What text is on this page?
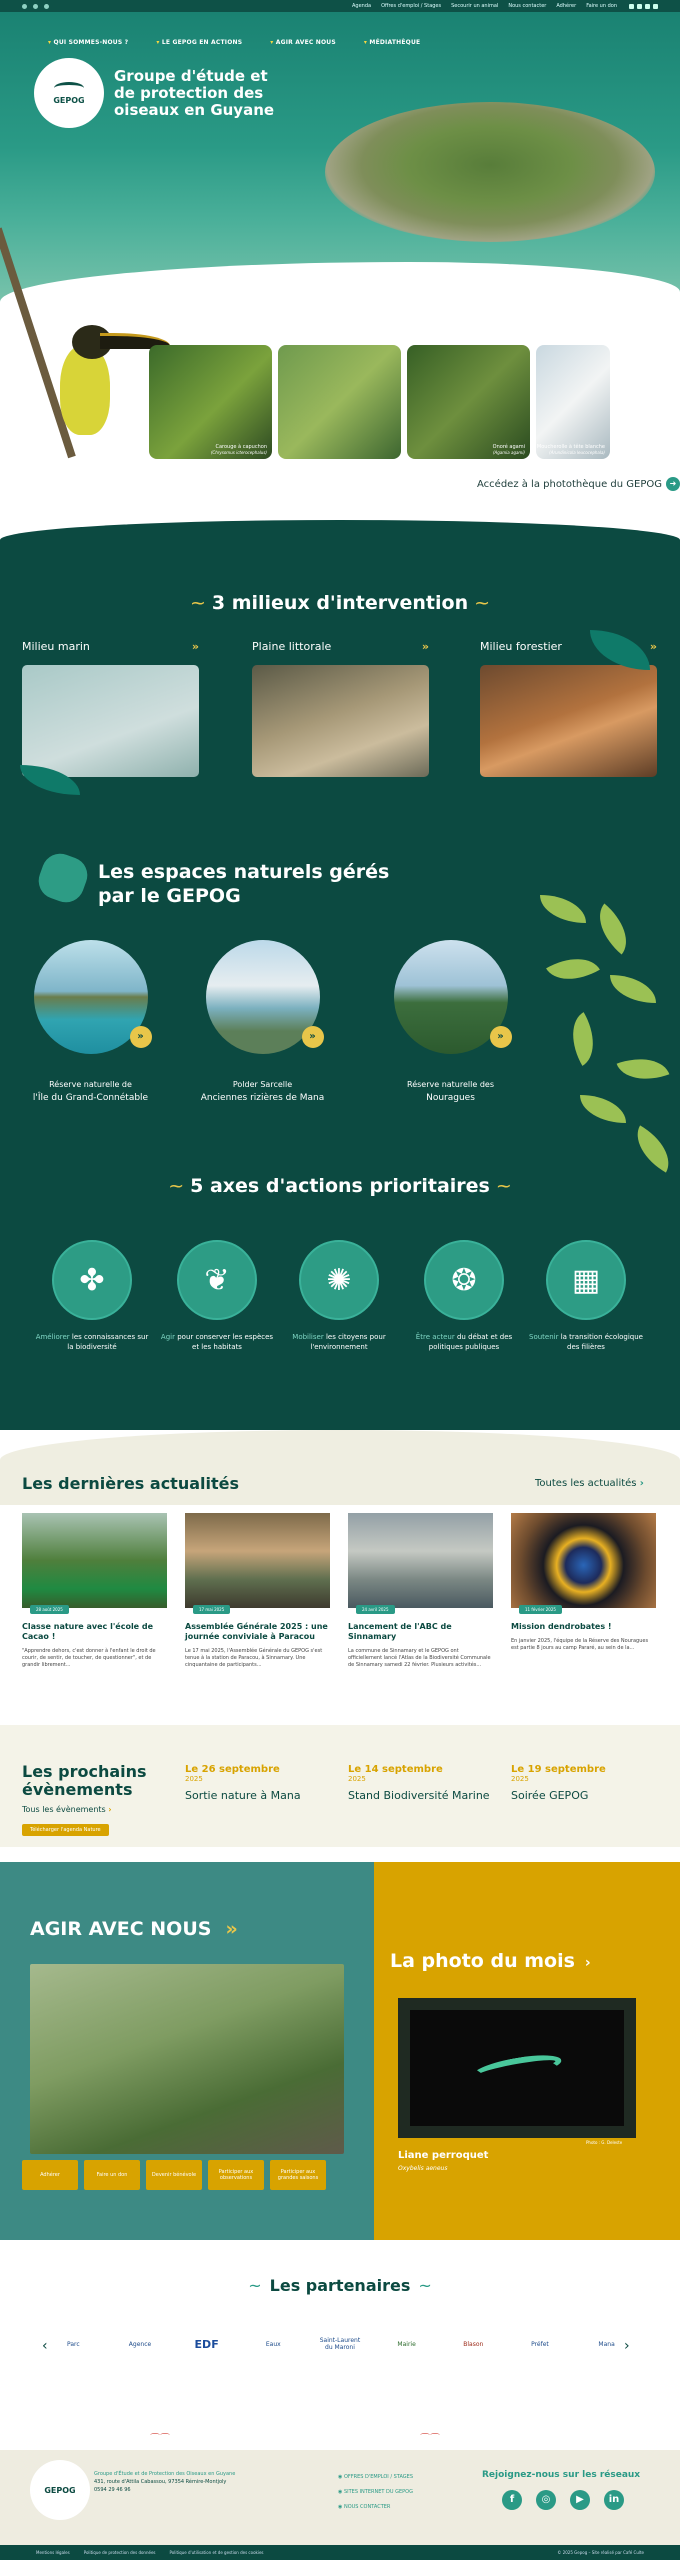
Agenda Offres d'emploi / Stages Secourir un animal Nous contacter Adhérer Faire un don
▾ QUI SOMMES-NOUS ?	▾ LE GEPOG EN ACTIONS	▾ AGIR AVEC NOUS	▾ MÉDIATHÈQUE
GEPOG
Groupe d'étude et de protection des oiseaux en Guyane
Crédit photo : S. Uriot
Carouge à capuchon
(Chrysomus icterocephalus)
Onoré agami
(Agamia agami)
Moucherolle à tête blanche
(Arundinicola leucocephala)
Accédez à la photothèque du GEPOG ➜
~ 3 milieux d'intervention ~
Milieu marin	»	Plaine littorale	»	Milieu forestier	»
Les espaces naturels gérés
par le GEPOG
»
Réserve naturelle de
l'Île du Grand-Connétable
»
Polder Sarcelle
Anciennes rizières de Mana
»
Réserve naturelle des
Nouragues
~ 5 axes d'actions prioritaires ~
✤
Améliorer les connaissances sur la biodiversité
❦
Agir pour conserver les espèces et les habitats
✺
Mobiliser les citoyens pour l'environnement
❂
Être acteur du débat et des politiques publiques
▦
Soutenir la transition écologique des filières
Les dernières actualités	Toutes les actualités ›
28 août 2025
Classe nature avec l'école de Cacao !
"Apprendre dehors, c'est donner à l'enfant le droit de courir, de sentir, de toucher, de questionner", et de grandir librement...
17 mai 2025
Assemblée Générale 2025 : une journée conviviale à Paracou
Le 17 mai 2025, l'Assemblée Générale du GEPOG s'est tenue à la station de Paracou, à Sinnamary. Une cinquantaine de participants...
24 avril 2025
Lancement de l'ABC de Sinnamary
La commune de Sinnamary et le GEPOG ont officiellement lancé l'Atlas de la Biodiversité Communale de Sinnamary samedi 22 février. Plusieurs activités...
11 février 2025
Mission dendrobates !
En janvier 2025, l'équipe de la Réserve des Nouragues est partie 8 jours au camp Pararé, au sein de la...
Les prochains évènements
Tous les évènements ›
Télécharger l'agenda Nature
Le 26 septembre
2025
Sortie nature à Mana
Le 14 septembre
2025
Stand Biodiversité Marine
Le 19 septembre
2025
Soirée GEPOG
AGIR AVEC NOUS »
Adhérer	Faire un don	Devenir bénévole	Participer aux observations
Participer aux grandes saisons
La photo du mois ›
Photo : G. Deleste
Liane perroquet
Oxybelis aeneus
~ Les partenaires ~
‹	Parc	Agence	EDF	Eaux	Saint-Laurent du Maroni	Mairie	Blason	Préfet	Mana ›
⌒⌒	⌒⌒
GEPOG
Groupe d'Étude et de Protection des Oiseaux en Guyane
431, route d'Attila Cabassou, 97354 Rémire-Montjoly
0594 29 46 96
◉ OFFRES D'EMPLOI / STAGES
◉ SITES INTERNET DU GEPOG
◉ NOUS CONTACTER
Rejoignez-nous sur les réseaux
f	◎	▶	in
Mentions légales	Politique de protection des données	Politique d'utilisation et de gestion des cookies	© 2025 Gepog – Site réalisé par Café Culte
